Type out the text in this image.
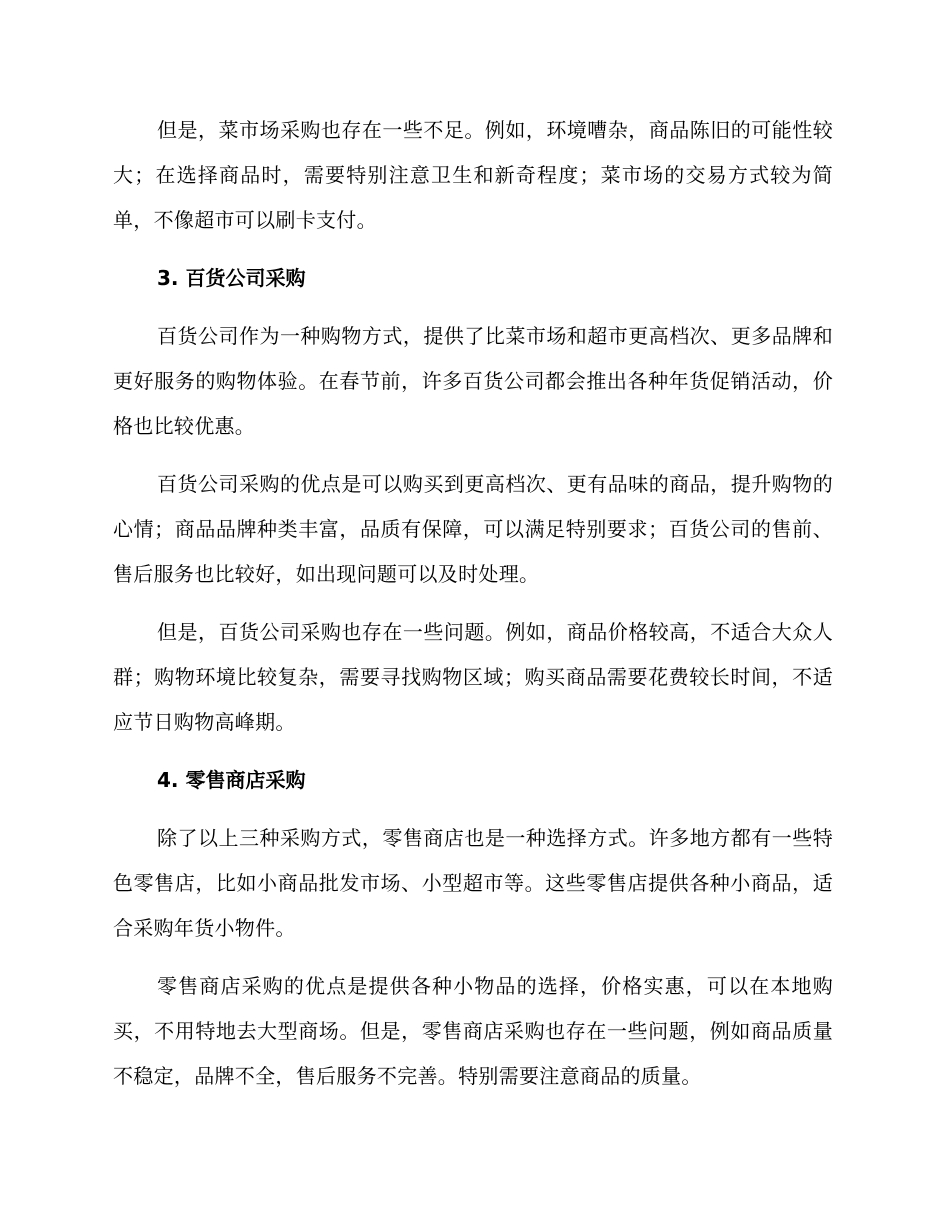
但是，菜市场采购也存在一些不足。例如，环境嘈杂，商品陈旧的可能性较大；在选择商品时，需要特别注意卫生和新奇程度；菜市场的交易方式较为简单，不像超市可以刷卡支付。

3. 百货公司采购

百货公司作为一种购物方式，提供了比菜市场和超市更高档次、更多品牌和更好服务的购物体验。在春节前，许多百货公司都会推出各种年货促销活动，价格也比较优惠。

百货公司采购的优点是可以购买到更高档次、更有品味的商品，提升购物的心情；商品品牌种类丰富，品质有保障，可以满足特别要求；百货公司的售前、售后服务也比较好，如出现问题可以及时处理。

但是，百货公司采购也存在一些问题。例如，商品价格较高，不适合大众人群；购物环境比较复杂，需要寻找购物区域；购买商品需要花费较长时间，不适应节日购物高峰期。

4. 零售商店采购

除了以上三种采购方式，零售商店也是一种选择方式。许多地方都有一些特色零售店，比如小商品批发市场、小型超市等。这些零售店提供各种小商品，适合采购年货小物件。

零售商店采购的优点是提供各种小物品的选择，价格实惠，可以在本地购买，不用特地去大型商场。但是，零售商店采购也存在一些问题，例如商品质量不稳定，品牌不全，售后服务不完善。特别需要注意商品的质量。
